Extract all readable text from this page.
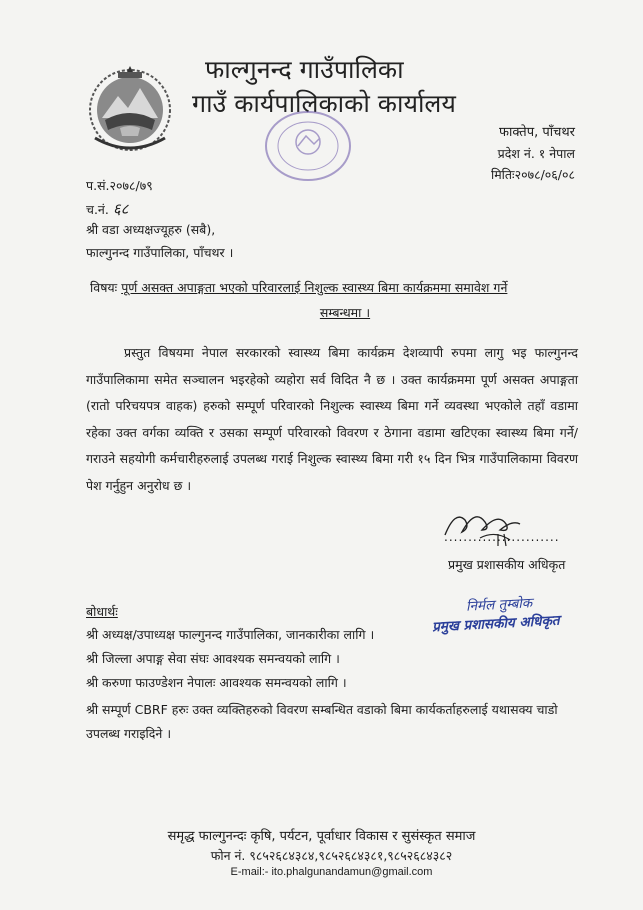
फाल्गुनन्द गाउँपालिका
गाउँ कार्यपालिकाको कार्यालय
फाक्तेप, पाँचथर
प्रदेश नं. १ नेपाल
मितिः२०७८/०६/०८
प.सं.२०७८/७९
च.नं. ६८
श्री वडा अध्यक्षज्यूहरु (सबै),
फाल्गुनन्द गाउँपालिका, पाँचथर ।
विषयः पूर्ण असक्त अपाङ्गता भएको परिवारलाई निशुल्क स्वास्थ्य बिमा कार्यक्रममा समावेश गर्ने
सम्बन्धमा ।

प्रस्तुत विषयमा नेपाल सरकारको स्वास्थ्य बिमा कार्यक्रम देशव्यापी रुपमा लागु भइ फाल्गुनन्द गाउँपालिकामा समेत सञ्चालन भइरहेको व्यहोरा सर्व विदित नै छ । उक्त कार्यक्रममा पूर्ण असक्त अपाङ्गता (रातो परिचयपत्र वाहक) हरुको सम्पूर्ण परिवारको निशुल्क स्वास्थ्य बिमा गर्ने व्यवस्था भएकोले तहाँ वडामा रहेका उक्त वर्गका व्यक्ति र उसका सम्पूर्ण परिवारको विवरण र ठेगाना वडामा खटिएका स्वास्थ्य बिमा गर्ने/गराउने सहयोगी कर्मचारीहरुलाई उपलब्ध गराई निशुल्क स्वास्थ्य बिमा गरी १५ दिन भित्र गाउँपालिकामा विवरण पेश गर्नुहुन अनुरोध छ ।

........................
प्रमुख प्रशासकीय अधिकृत
निर्मल तुम्बोक
प्रमुख प्रशासकीय अधिकृत
बोधार्थः
श्री अध्यक्ष/उपाध्यक्ष फाल्गुनन्द गाउँपालिका, जानकारीका लागि ।
श्री जिल्ला अपाङ्ग सेवा संघः आवश्यक समन्वयको लागि ।
श्री करुणा फाउण्डेशन नेपालः आवश्यक समन्वयको लागि ।
श्री सम्पूर्ण CBRF हरुः उक्त व्यक्तिहरुको विवरण सम्बन्धित वडाको बिमा कार्यकर्ताहरुलाई यथासक्य चाडो उपलब्ध गराइदिने ।
समृद्ध फाल्गुनन्दः कृषि, पर्यटन, पूर्वाधार विकास र सुसंस्कृत समाज
फोन नं. ९८५२६८४३८४,९८५२६८४३८१,९८५२६८४३८२
E-mail:- ito.phalgunandamun@gmail.com
